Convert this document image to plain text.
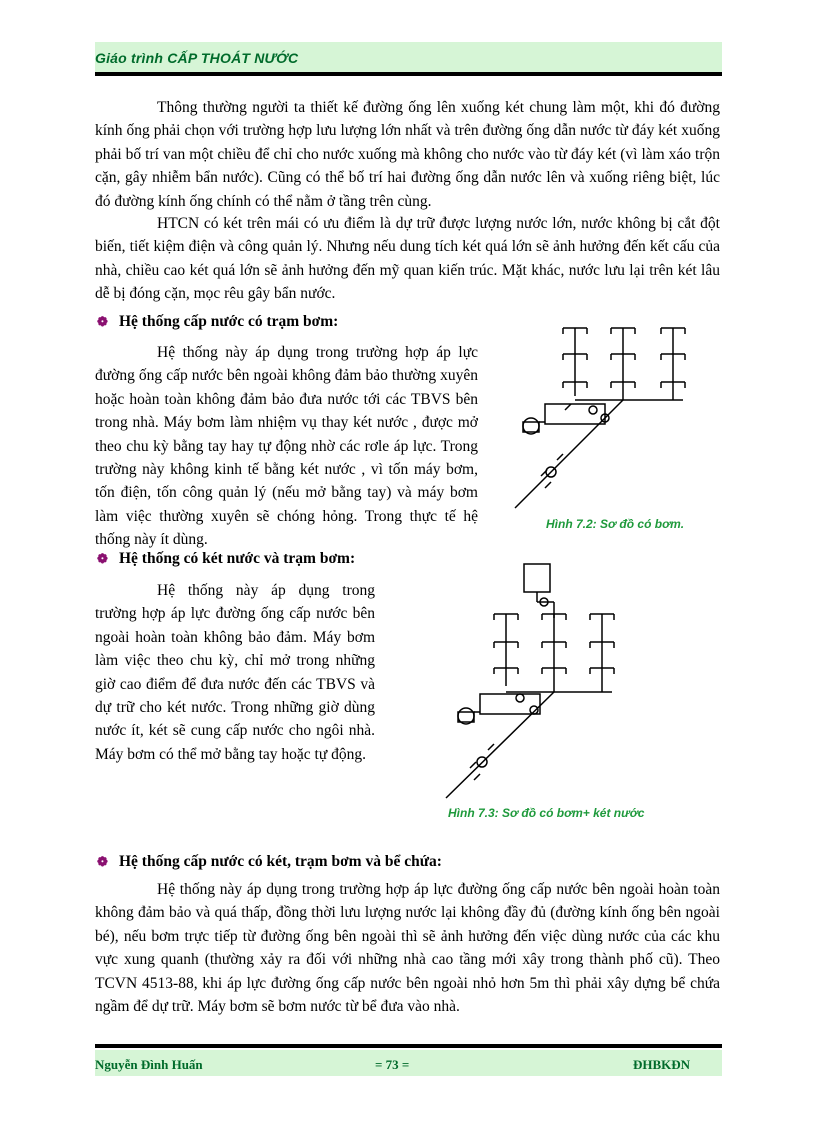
Giáo trình CẤP THOÁT NƯỚC

Thông thường người ta thiết kế đường ống lên xuống két chung làm một, khi đó đường kính ống phải chọn với trường hợp lưu lượng lớn nhất và trên đường ống dẫn nước từ đáy két xuống phải bố trí van một chiều để chỉ cho nước xuống mà không cho nước vào từ đáy két (vì làm xáo trộn cặn, gây nhiễm bẩn nước). Cũng có thể bố trí hai đường ống dẫn nước lên và xuống riêng biệt, lúc đó đường kính ống chính có thể nằm ở tầng trên cùng.

HTCN có két trên mái có ưu điểm là dự trữ được lượng nước lớn, nước không bị cắt đột biến, tiết kiệm điện và công quản lý. Nhưng nếu dung tích két quá lớn sẽ ảnh hưởng đến kết cấu của nhà, chiều cao két quá lớn sẽ ảnh hưởng đến mỹ quan kiến trúc. Mặt khác, nước lưu lại trên két lâu dễ bị đóng cặn, mọc rêu gây bẩn nước.

❁ Hệ thống cấp nước có trạm bơm:

Hệ thống này áp dụng trong trường hợp áp lực đường ống cấp nước bên ngoài không đảm bảo thường xuyên hoặc hoàn toàn không đảm bảo đưa nước tới các TBVS bên trong nhà. Máy bơm làm nhiệm vụ thay két nước , được mở theo chu kỳ bằng tay hay tự động nhờ các rơle áp lực. Trong trường này không kinh tế bằng két nước , vì tốn máy bơm, tốn điện, tốn công quản lý (nếu mở bằng tay) và máy bơm làm việc thường xuyên sẽ chóng hỏng. Trong thực tế hệ thống này ít dùng.

Hình 7.2: Sơ đồ có bơm.
❁ Hệ thống có két nước và trạm bơm:

Hệ thống này áp dụng trong trường hợp áp lực đường ống cấp nước bên ngoài hoàn toàn không bảo đảm. Máy bơm làm việc theo chu kỳ, chỉ mở trong những giờ cao điểm để đưa nước đến các TBVS và dự trữ cho két nước. Trong những giờ dùng nước ít, két sẽ cung cấp nước cho ngôi nhà. Máy bơm có thể mở bằng tay hoặc tự động.

Hình 7.3: Sơ đồ có bơm+ két nước
❁ Hệ thống cấp nước có két, trạm bơm và bể chứa:

Hệ thống này áp dụng trong trường hợp áp lực đường ống cấp nước bên ngoài hoàn toàn không đảm bảo và quá thấp, đồng thời lưu lượng nước lại không đầy đủ (đường kính ống bên ngoài bé), nếu bơm trực tiếp từ đường ống bên ngoài thì sẽ ảnh hưởng đến việc dùng nước của các khu vực xung quanh (thường xảy ra đối với những nhà cao tầng mới xây trong thành phố cũ). Theo TCVN 4513-88, khi áp lực đường ống cấp nước bên ngoài nhỏ hơn 5m thì phải xây dựng bể chứa ngầm để dự trữ. Máy bơm sẽ bơm nước từ bể đưa vào nhà.

Nguyễn Đình Huấn	= 73 =	ĐHBKĐN
